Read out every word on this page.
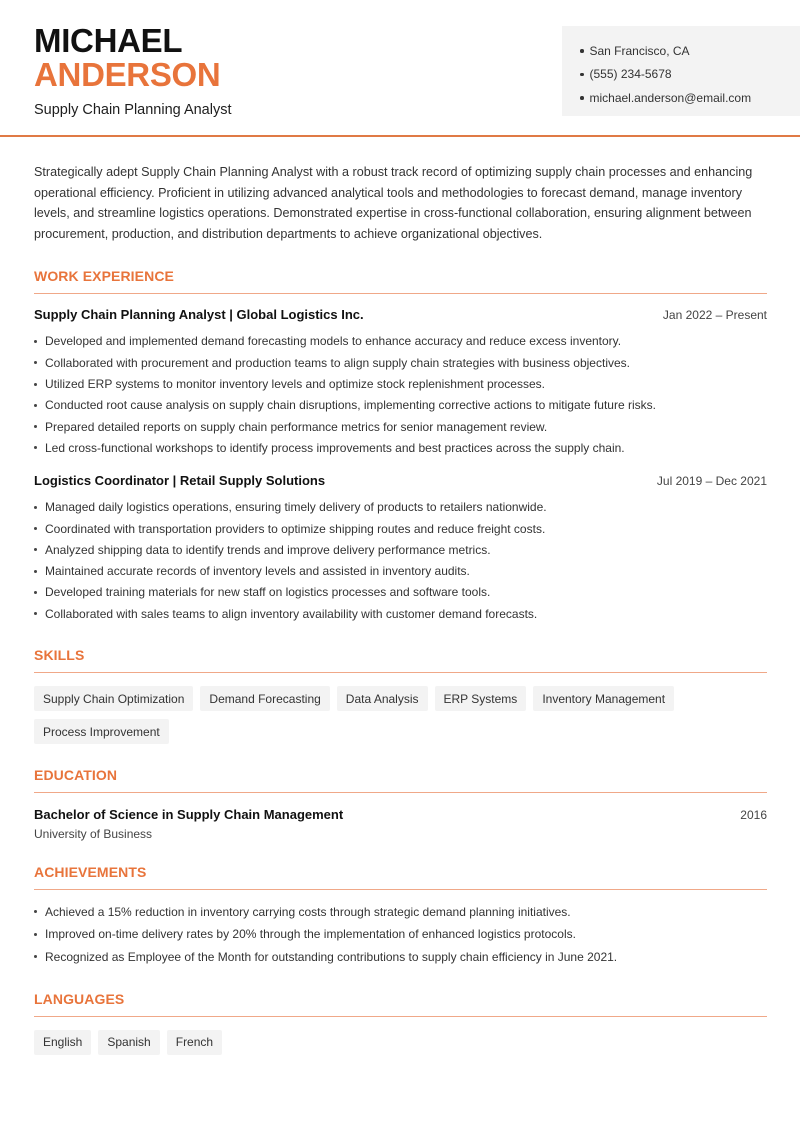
MICHAEL
ANDERSON
Supply Chain Planning Analyst
San Francisco, CA
(555) 234-5678
michael.anderson@email.com

Strategically adept Supply Chain Planning Analyst with a robust track record of optimizing supply chain processes and enhancing operational efficiency. Proficient in utilizing advanced analytical tools and methodologies to forecast demand, manage inventory levels, and streamline logistics operations. Demonstrated expertise in cross-functional collaboration, ensuring alignment between procurement, production, and distribution departments to achieve organizational objectives.

WORK EXPERIENCE
Supply Chain Planning Analyst | Global Logistics Inc.	Jan 2022 – Present
Developed and implemented demand forecasting models to enhance accuracy and reduce excess inventory.
Collaborated with procurement and production teams to align supply chain strategies with business objectives.
Utilized ERP systems to monitor inventory levels and optimize stock replenishment processes.
Conducted root cause analysis on supply chain disruptions, implementing corrective actions to mitigate future risks.
Prepared detailed reports on supply chain performance metrics for senior management review.
Led cross-functional workshops to identify process improvements and best practices across the supply chain.
Logistics Coordinator | Retail Supply Solutions	Jul 2019 – Dec 2021
Managed daily logistics operations, ensuring timely delivery of products to retailers nationwide.
Coordinated with transportation providers to optimize shipping routes and reduce freight costs.
Analyzed shipping data to identify trends and improve delivery performance metrics.
Maintained accurate records of inventory levels and assisted in inventory audits.
Developed training materials for new staff on logistics processes and software tools.
Collaborated with sales teams to align inventory availability with customer demand forecasts.
SKILLS
Supply Chain Optimization	Demand Forecasting	Data Analysis	ERP Systems	Inventory Management
Process Improvement
EDUCATION
Bachelor of Science in Supply Chain Management	2016
University of Business
ACHIEVEMENTS
Achieved a 15% reduction in inventory carrying costs through strategic demand planning initiatives.
Improved on-time delivery rates by 20% through the implementation of enhanced logistics protocols.
Recognized as Employee of the Month for outstanding contributions to supply chain efficiency in June 2021.
LANGUAGES
English	Spanish	French
